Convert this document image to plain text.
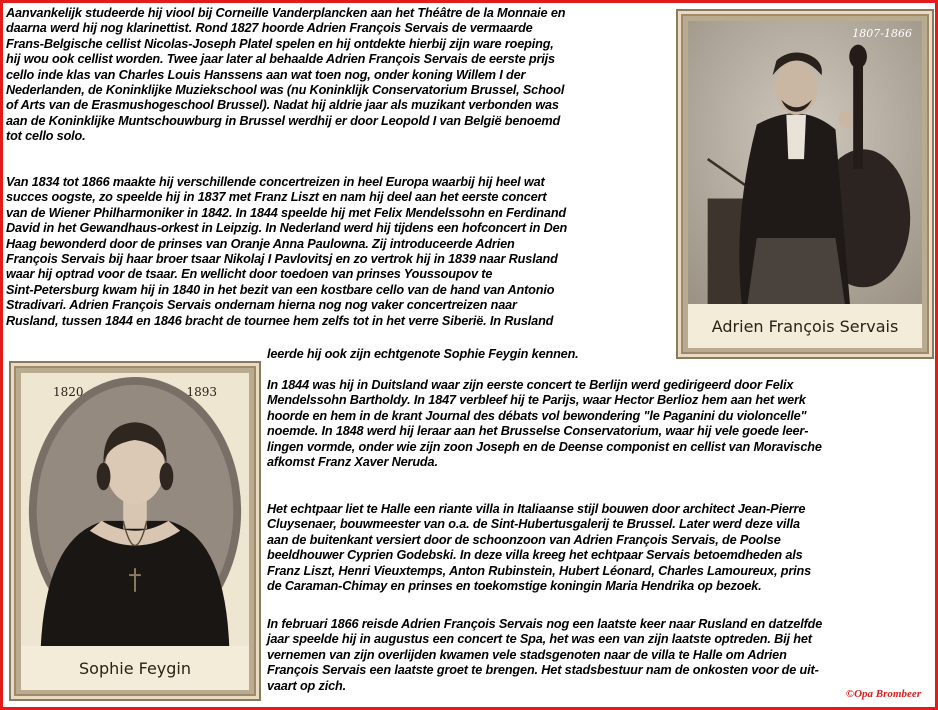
Aanvankelijk studeerde hij viool bij Corneille Vanderplancken aan het Théâtre de la Monnaie en
daarna werd hij nog klarinettist. Rond 1827 hoorde Adrien François Servais de vermaarde
Frans-Belgische cellist Nicolas-Joseph Platel spelen en hij ontdekte hierbij zijn ware roeping,
hij wou ook cellist worden. Twee jaar later al behaalde Adrien François Servais de eerste prijs
cello inde klas van Charles Louis Hanssens aan wat toen nog, onder koning Willem I der
Nederlanden, de Koninklijke Muziekschool was (nu Koninklijk Conservatorium Brussel, School
of Arts van de Erasmushogeschool Brussel). Nadat hij aldrie jaar als muzikant verbonden was
aan de Koninklijke Muntschouwburg in Brussel werdhij er door Leopold I van België benoemd
tot cello solo.
Van 1834 tot 1866 maakte hij verschillende concertreizen in heel Europa waarbij hij heel wat
succes oogste, zo speelde hij in 1837 met Franz Liszt en nam hij deel aan het eerste concert
van de Wiener Philharmoniker in 1842. In 1844 speelde hij met Felix Mendelssohn en Ferdinand
David in het Gewandhaus-orkest in Leipzig. In Nederland werd hij tijdens een hofconcert in Den
Haag bewonderd door de prinses van Oranje Anna Paulowna. Zij introduceerde Adrien
François Servais bij haar broer tsaar Nikolaj I Pavlovitsj en zo vertrok hij in 1839 naar Rusland
waar hij optrad voor de tsaar. En wellicht door toedoen van prinses Youssoupov te
Sint-Petersburg kwam hij in 1840 in het bezit van een kostbare cello van de hand van Antonio
Stradivari. Adrien François Servais ondernam hierna nog nog vaker concertreizen naar
Rusland, tussen 1844 en 1846 bracht de tournee hem zelfs tot in het verre Siberië. In Rusland
leerde hij ook zijn echtgenote Sophie Feygin kennen.
In 1844 was hij in Duitsland waar zijn eerste concert te Berlijn werd gedirigeerd door Felix
Mendelssohn Bartholdy. In 1847 verbleef hij te Parijs, waar Hector Berlioz hem aan het werk
hoorde en hem in de krant Journal des débats vol bewondering "le Paganini du violoncelle"
noemde. In 1848 werd hij leraar aan het Brusselse Conservatorium, waar hij vele goede leer-
lingen vormde, onder wie zijn zoon Joseph en de Deense componist en cellist van Moravische
afkomst Franz Xaver Neruda.
Het echtpaar liet te Halle een riante villa in Italiaanse stijl bouwen door architect Jean-Pierre
Cluysenaer, bouwmeester van o.a. de Sint-Hubertusgalerij te Brussel. Later werd deze villa
aan de buitenkant versiert door de schoonzoon van Adrien François Servais, de Poolse
beeldhouwer Cyprien Godebski. In deze villa kreeg het echtpaar Servais betoemdheden als
Franz Liszt, Henri Vieuxtemps, Anton Rubinstein, Hubert Léonard, Charles Lamoureux, prins
de Caraman-Chimay en prinses en toekomstige koningin Maria Hendrika op bezoek.
In februari 1866 reisde Adrien François Servais nog een laatste keer naar Rusland en datzelfde
jaar speelde hij in augustus een concert te Spa, het was een van zijn laatste optreden. Bij het
vernemen van zijn overlijden kwamen vele stadsgenoten naar de villa te Halle om Adrien
François Servais een laatste groet te brengen. Het stadsbestuur nam de onkosten voor de uit-
vaart op zich.
1807-1866
Adrien François Servais
1820	1893
Sophie Feygin
©Opa Brombeer
